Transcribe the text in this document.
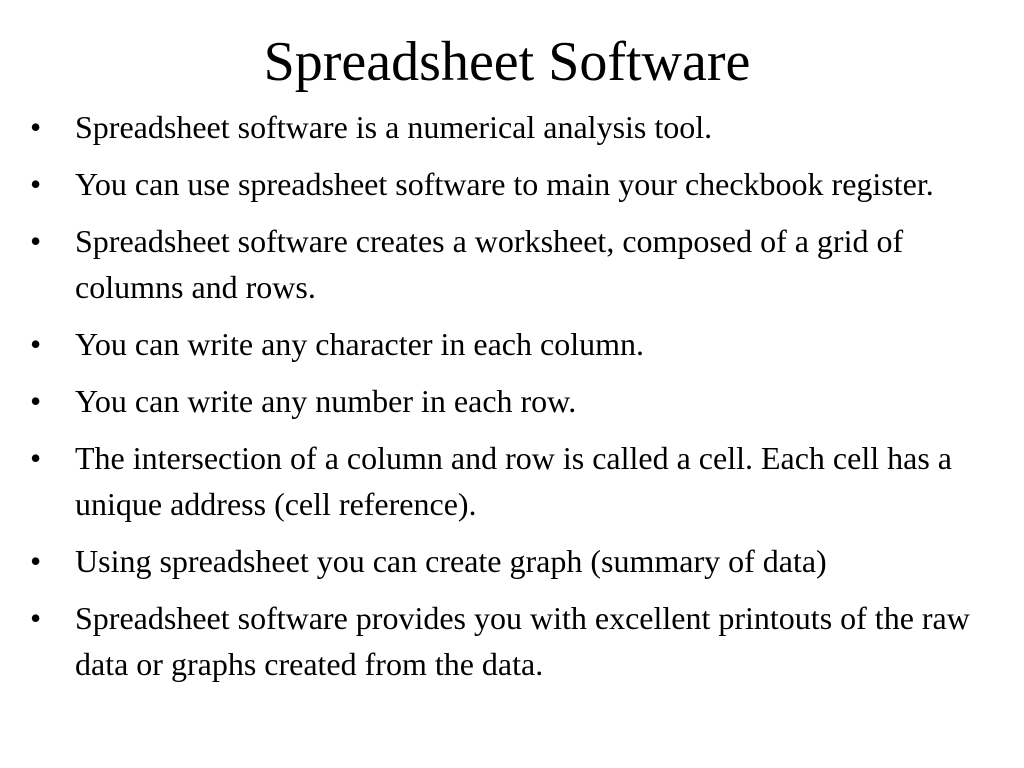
Spreadsheet Software
•	Spreadsheet software is a numerical analysis tool.
•	You can use spreadsheet software to main your checkbook register.
•	Spreadsheet software creates a worksheet, composed of a grid of columns and rows.
•	You can write any character in each column.
•	You can write any number in each row.
•	The intersection of a column and row is called a cell. Each cell has a unique address (cell reference).
•	Using spreadsheet you can create graph (summary of data)
•	Spreadsheet software provides you with excellent printouts of the raw data or graphs created from the data.
